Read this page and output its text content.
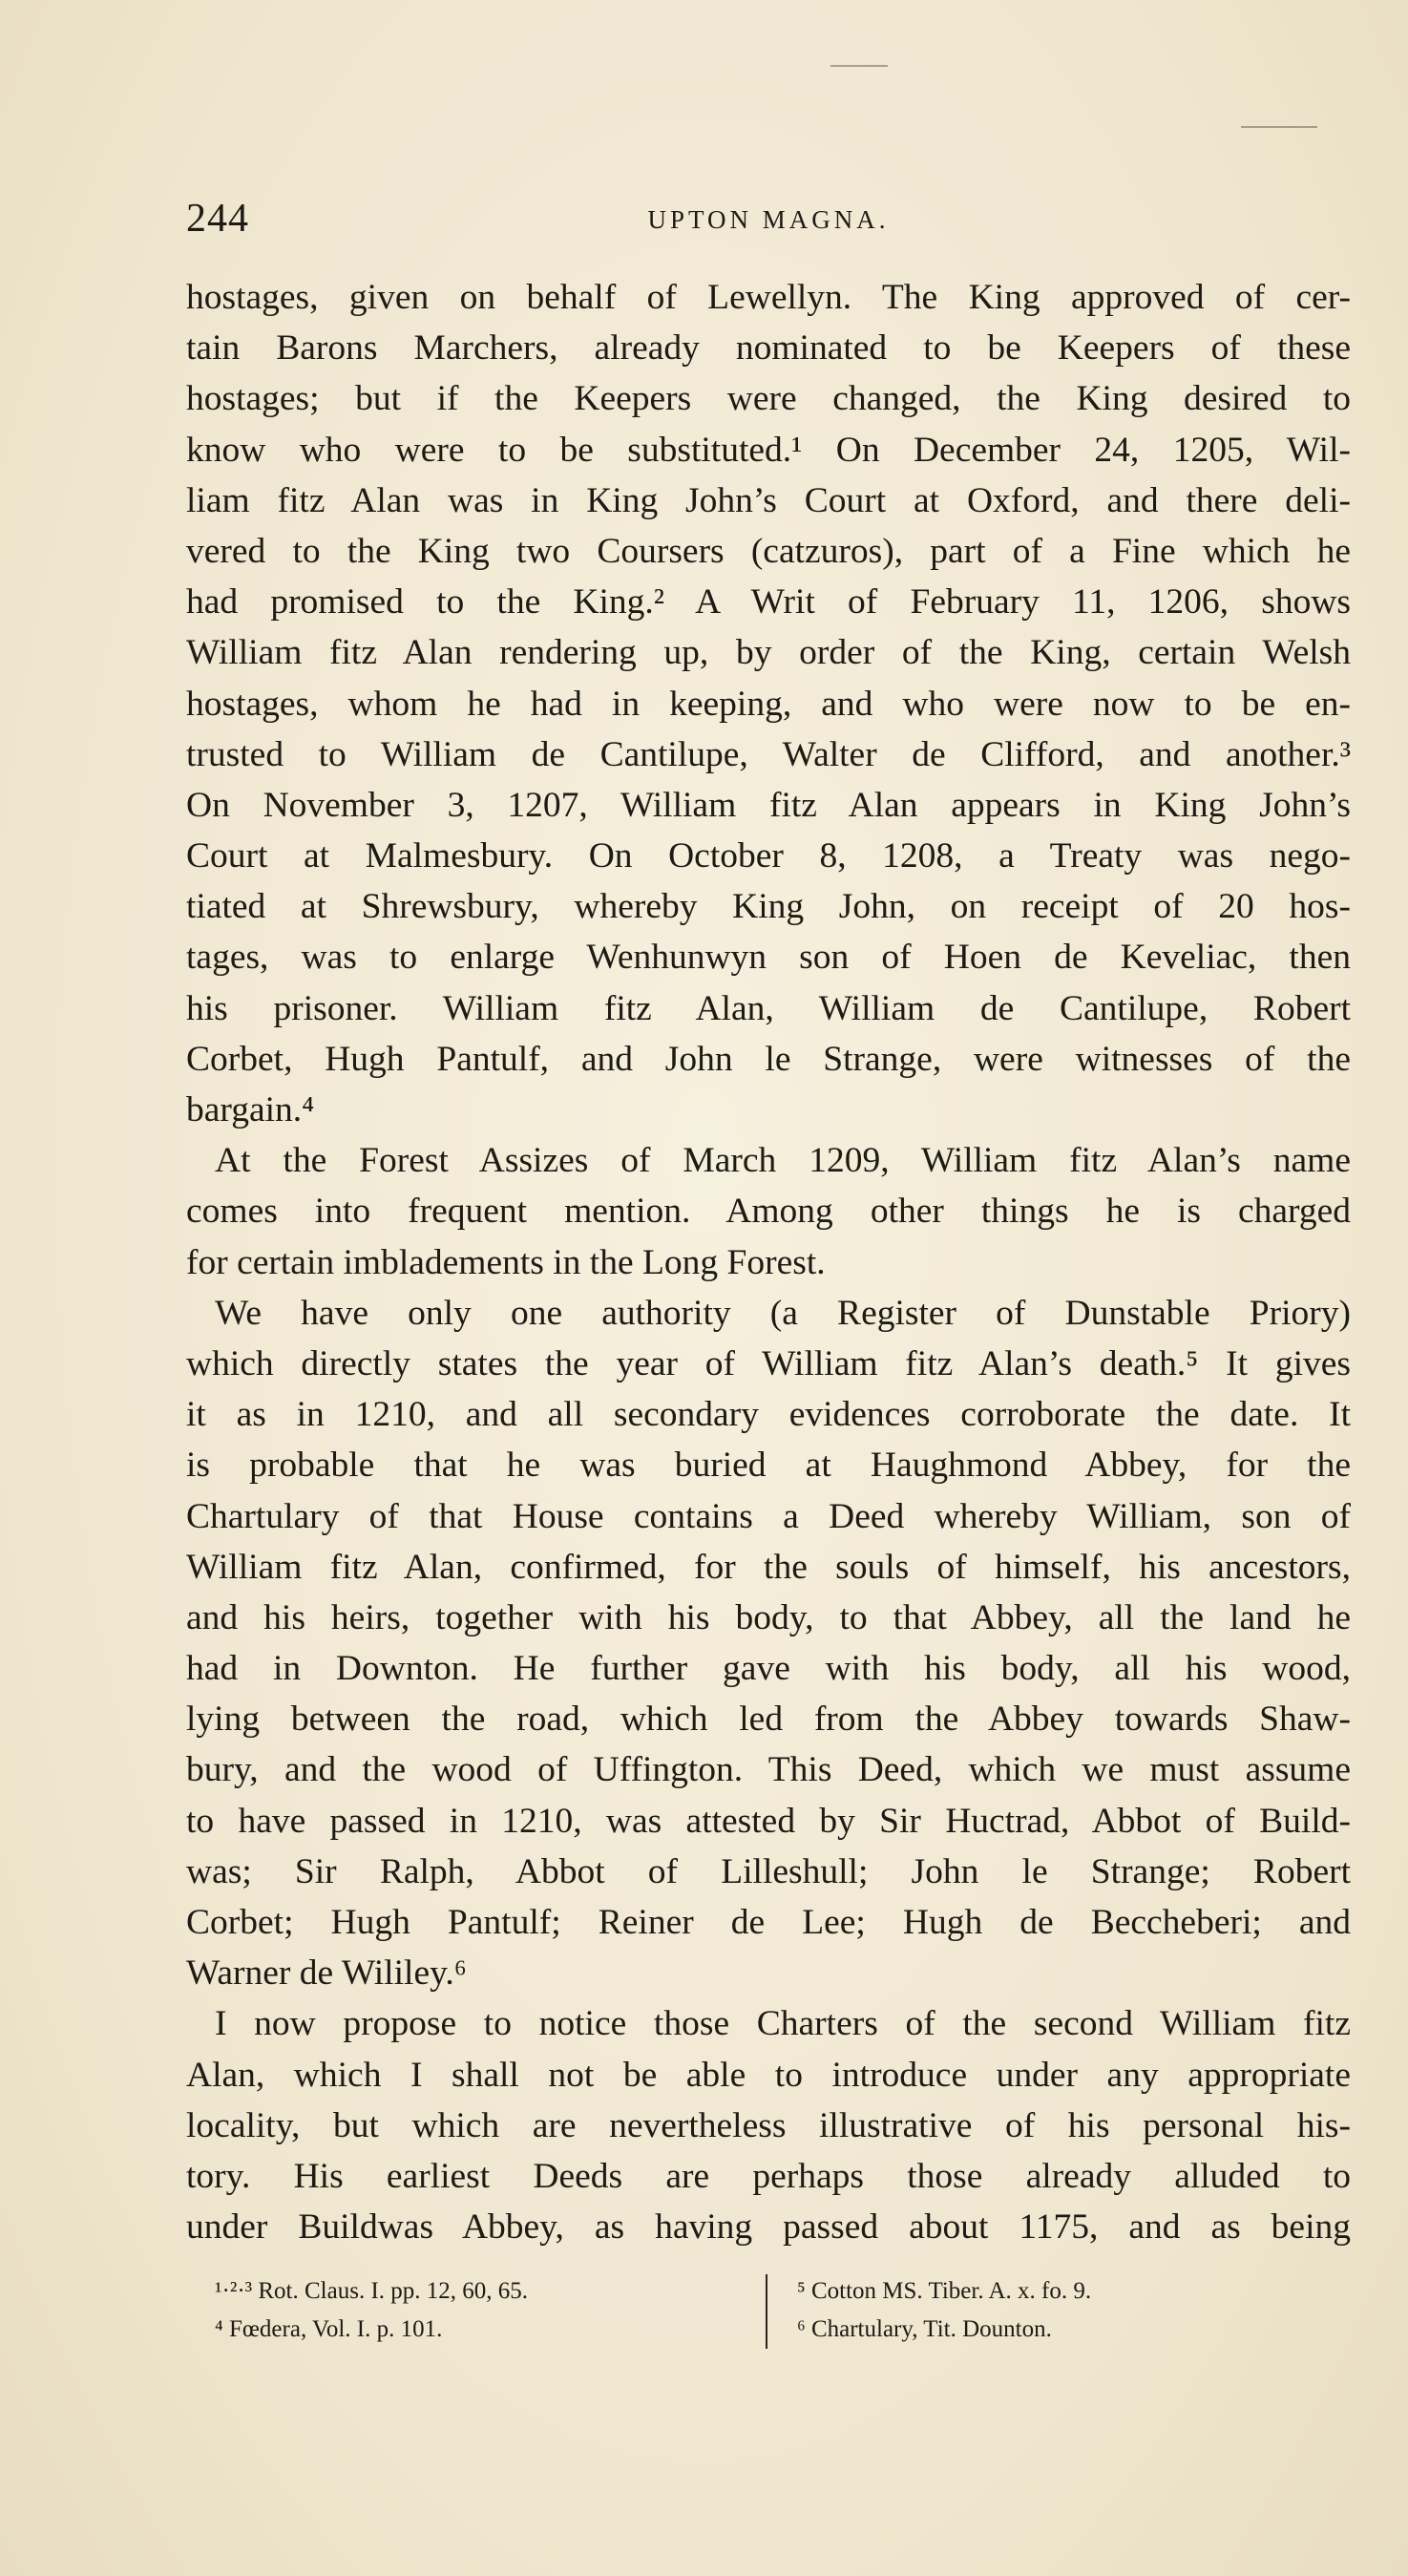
244	UPTON MAGNA.
hostages, given on behalf of Lewellyn. The King approved of cer-
tain Barons Marchers, already nominated to be Keepers of these
hostages; but if the Keepers were changed, the King desired to
know who were to be substituted.¹ On December 24, 1205, Wil-
liam fitz Alan was in King John’s Court at Oxford, and there deli-
vered to the King two Coursers (catzuros), part of a Fine which he
had promised to the King.² A Writ of February 11, 1206, shows
William fitz Alan rendering up, by order of the King, certain Welsh
hostages, whom he had in keeping, and who were now to be en-
trusted to William de Cantilupe, Walter de Clifford, and another.³
On November 3, 1207, William fitz Alan appears in King John’s
Court at Malmesbury. On October 8, 1208, a Treaty was nego-
tiated at Shrewsbury, whereby King John, on receipt of 20 hos-
tages, was to enlarge Wenhunwyn son of Hoen de Keveliac, then
his prisoner. William fitz Alan, William de Cantilupe, Robert
Corbet, Hugh Pantulf, and John le Strange, were witnesses of the
bargain.⁴
At the Forest Assizes of March 1209, William fitz Alan’s name
comes into frequent mention. Among other things he is charged
for certain imbladements in the Long Forest.
We have only one authority (a Register of Dunstable Priory)
which directly states the year of William fitz Alan’s death.⁵ It gives
it as in 1210, and all secondary evidences corroborate the date. It
is probable that he was buried at Haughmond Abbey, for the
Chartulary of that House contains a Deed whereby William, son of
William fitz Alan, confirmed, for the souls of himself, his ancestors,
and his heirs, together with his body, to that Abbey, all the land he
had in Downton. He further gave with his body, all his wood,
lying between the road, which led from the Abbey towards Shaw-
bury, and the wood of Uffington. This Deed, which we must assume
to have passed in 1210, was attested by Sir Huctrad, Abbot of Build-
was; Sir Ralph, Abbot of Lilleshull; John le Strange; Robert
Corbet; Hugh Pantulf; Reiner de Lee; Hugh de Beccheberi; and
Warner de Wililey.⁶
I now propose to notice those Charters of the second William fitz
Alan, which I shall not be able to introduce under any appropriate
locality, but which are nevertheless illustrative of his personal his-
tory. His earliest Deeds are perhaps those already alluded to
under Buildwas Abbey, as having passed about 1175, and as being
¹·²·³ Rot. Claus. I. pp. 12, 60, 65.
⁴ Fœdera, Vol. I. p. 101.
⁵ Cotton MS. Tiber. A. x. fo. 9.
⁶ Chartulary, Tit. Dounton.
